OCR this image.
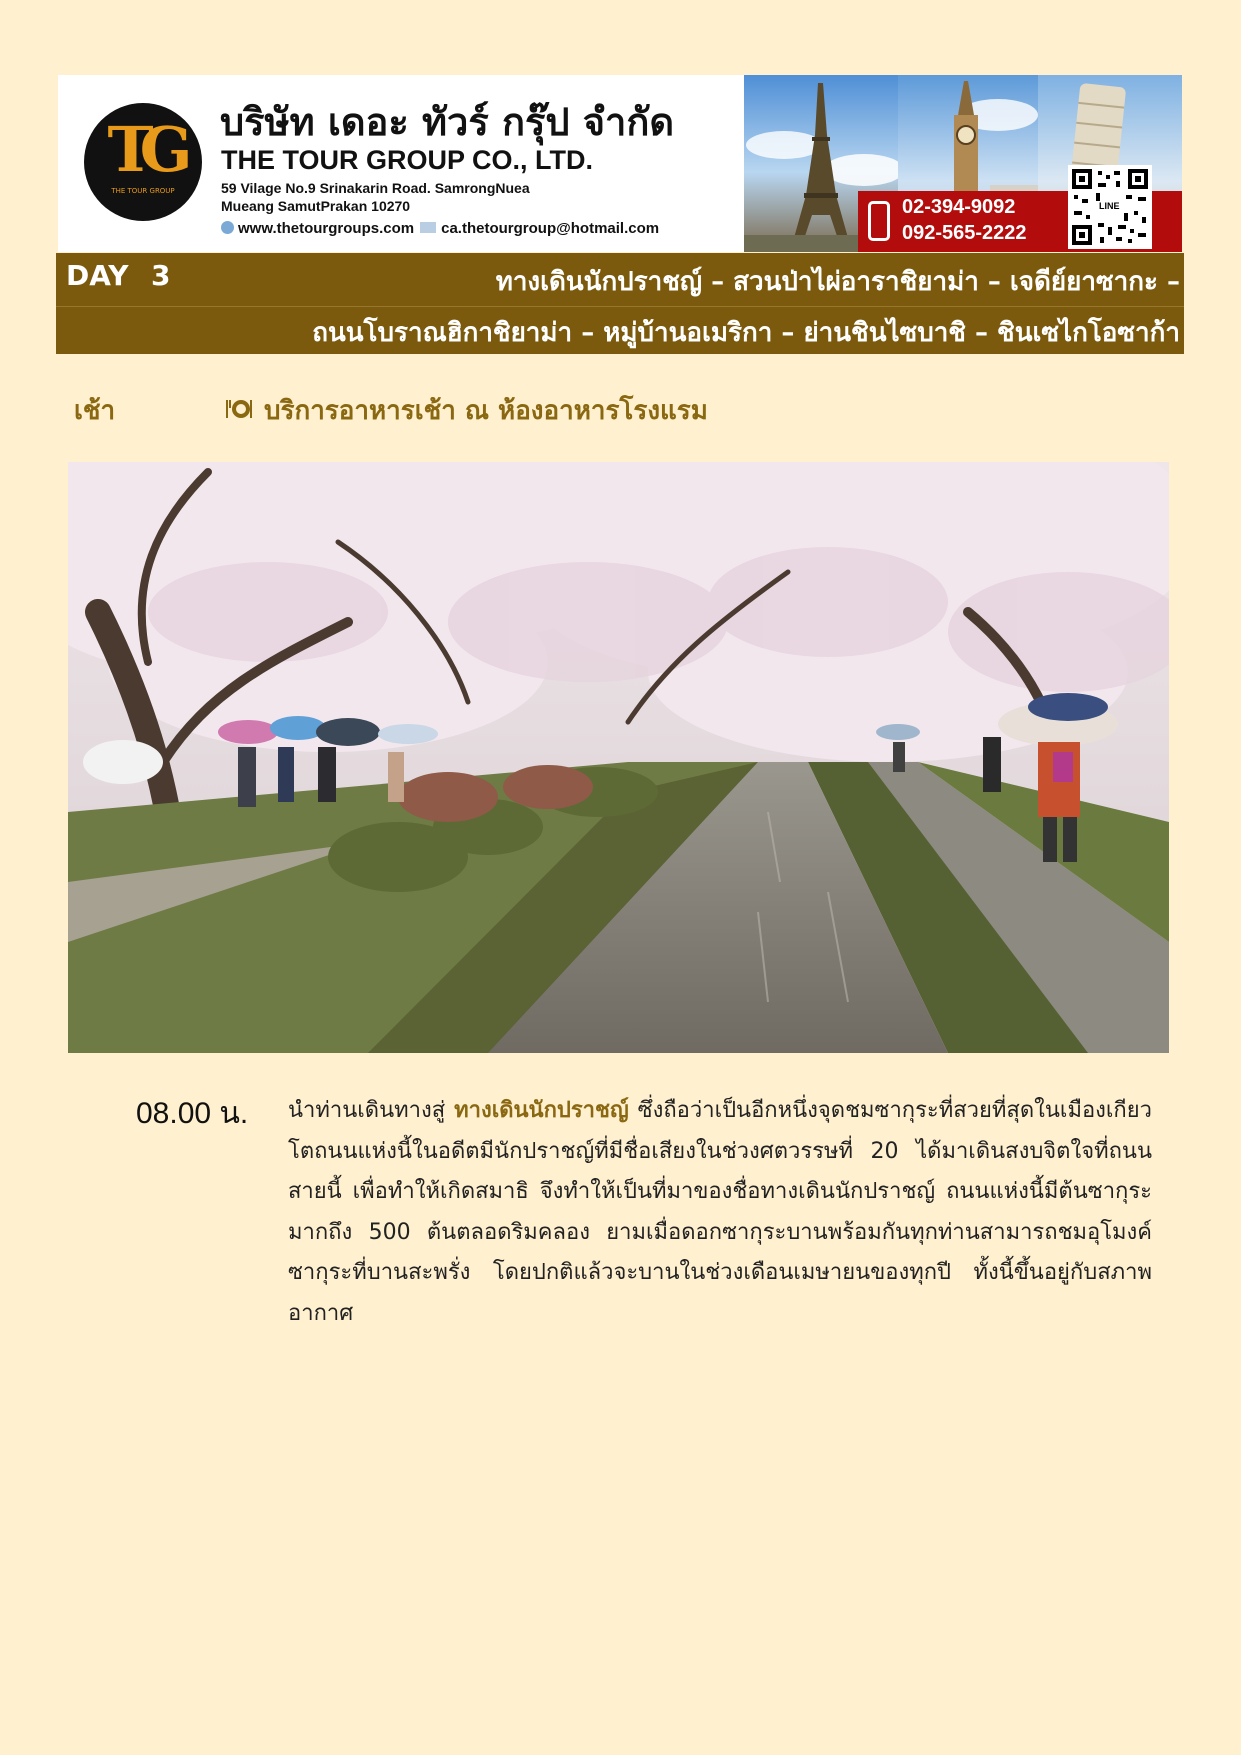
TG
THE TOUR GROUP
บริษัท เดอะ ทัวร์ กรุ๊ป จำกัด
THE TOUR GROUP CO., LTD.
59 Vilage No.9 Srinakarin Road. SamrongNuea
Mueang SamutPrakan 10270
www.thetourgroups.com ca.thetourgroup@hotmail.com
02-394-9092
092-565-2222
LINE
DAY 3	ทางเดินนักปราชญ์ – สวนป่าไผ่อาราชิยาม่า – เจดีย์ยาซากะ –
ถนนโบราณฮิกาชิยาม่า – หมู่บ้านอเมริกา – ย่านชินไซบาชิ – ชินเซไกโอซาก้า
เช้า	บริการอาหารเช้า ณ ห้องอาหารโรงแรม
08.00 น. นำท่านเดินทางสู่ ทางเดินนักปราชญ์ ซึ่งถือว่าเป็นอีกหนึ่งจุดชมซากุระที่สวยที่สุดในเมืองเกียวโตถนนแห่งนี้ในอดีตมีนักปราชญ์ที่มีชื่อเสียงในช่วงศตวรรษที่ 20 ได้มาเดินสงบจิตใจที่ถนนสายนี้ เพื่อทำให้เกิดสมาธิ จึงทำให้เป็นที่มาของชื่อทางเดินนักปราชญ์ ถนนแห่งนี้มีต้นซากุระมากถึง 500 ต้นตลอดริมคลอง ยามเมื่อดอกซากุระบานพร้อมกันทุกท่านสามารถชมอุโมงค์ซากุระที่บานสะพรั่ง โดยปกติแล้วจะบานในช่วงเดือนเมษายนของทุกปี ทั้งนี้ขึ้นอยู่กับสภาพอากาศ
